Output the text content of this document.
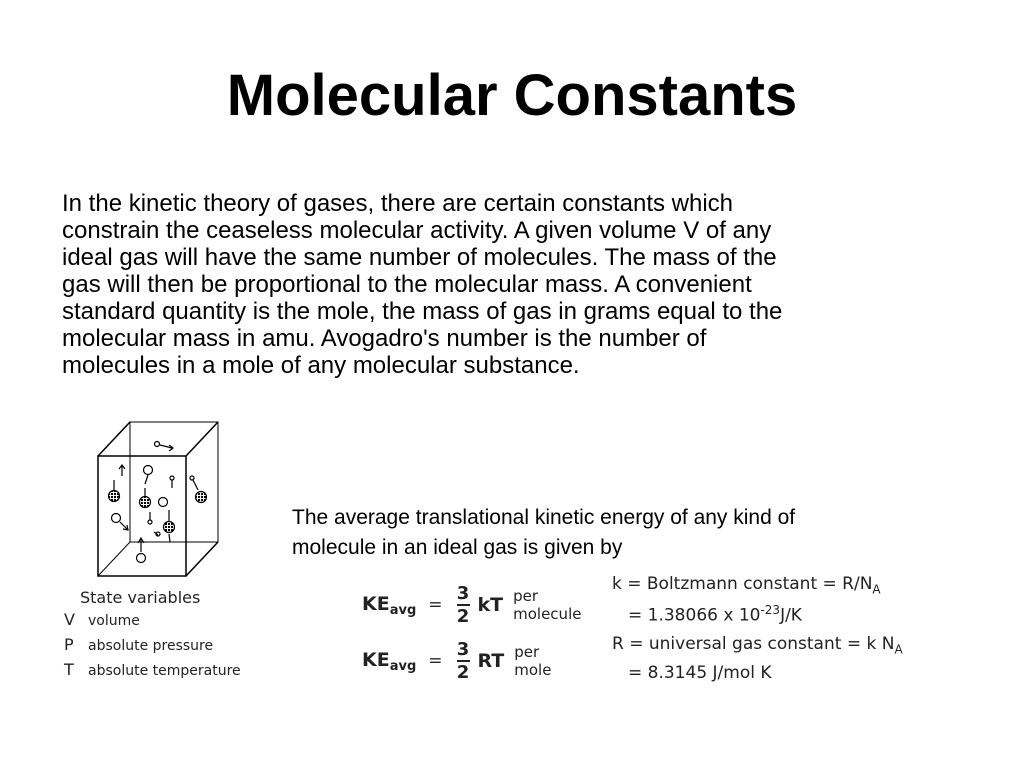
Molecular Constants

In the kinetic theory of gases, there are certain constants which
constrain the ceaseless molecular activity. A given volume V of any
ideal gas will have the same number of molecules. The mass of the
gas will then be proportional to the molecular mass. A convenient
standard quantity is the mole, the mass of gas in grams equal to the
molecular mass in amu. Avogadro's number is the number of
molecules in a mole of any molecular substance.

State variables
V volume
P	absolute pressure
T	absolute temperature
The average translational kinetic energy of any kind of
molecule in an ideal gas is given by
$KE_{avg} = \frac{3}{2}$ kT per
molecule
$KE_{avg} = \frac{3}{2}$ RT per
mole
k = Boltzmann constant = $R/N_A$
= 1.38066 x $10^{-23}J/K$
R = universal gas constant = k $N_A$
= 8.3145 J/mol K
